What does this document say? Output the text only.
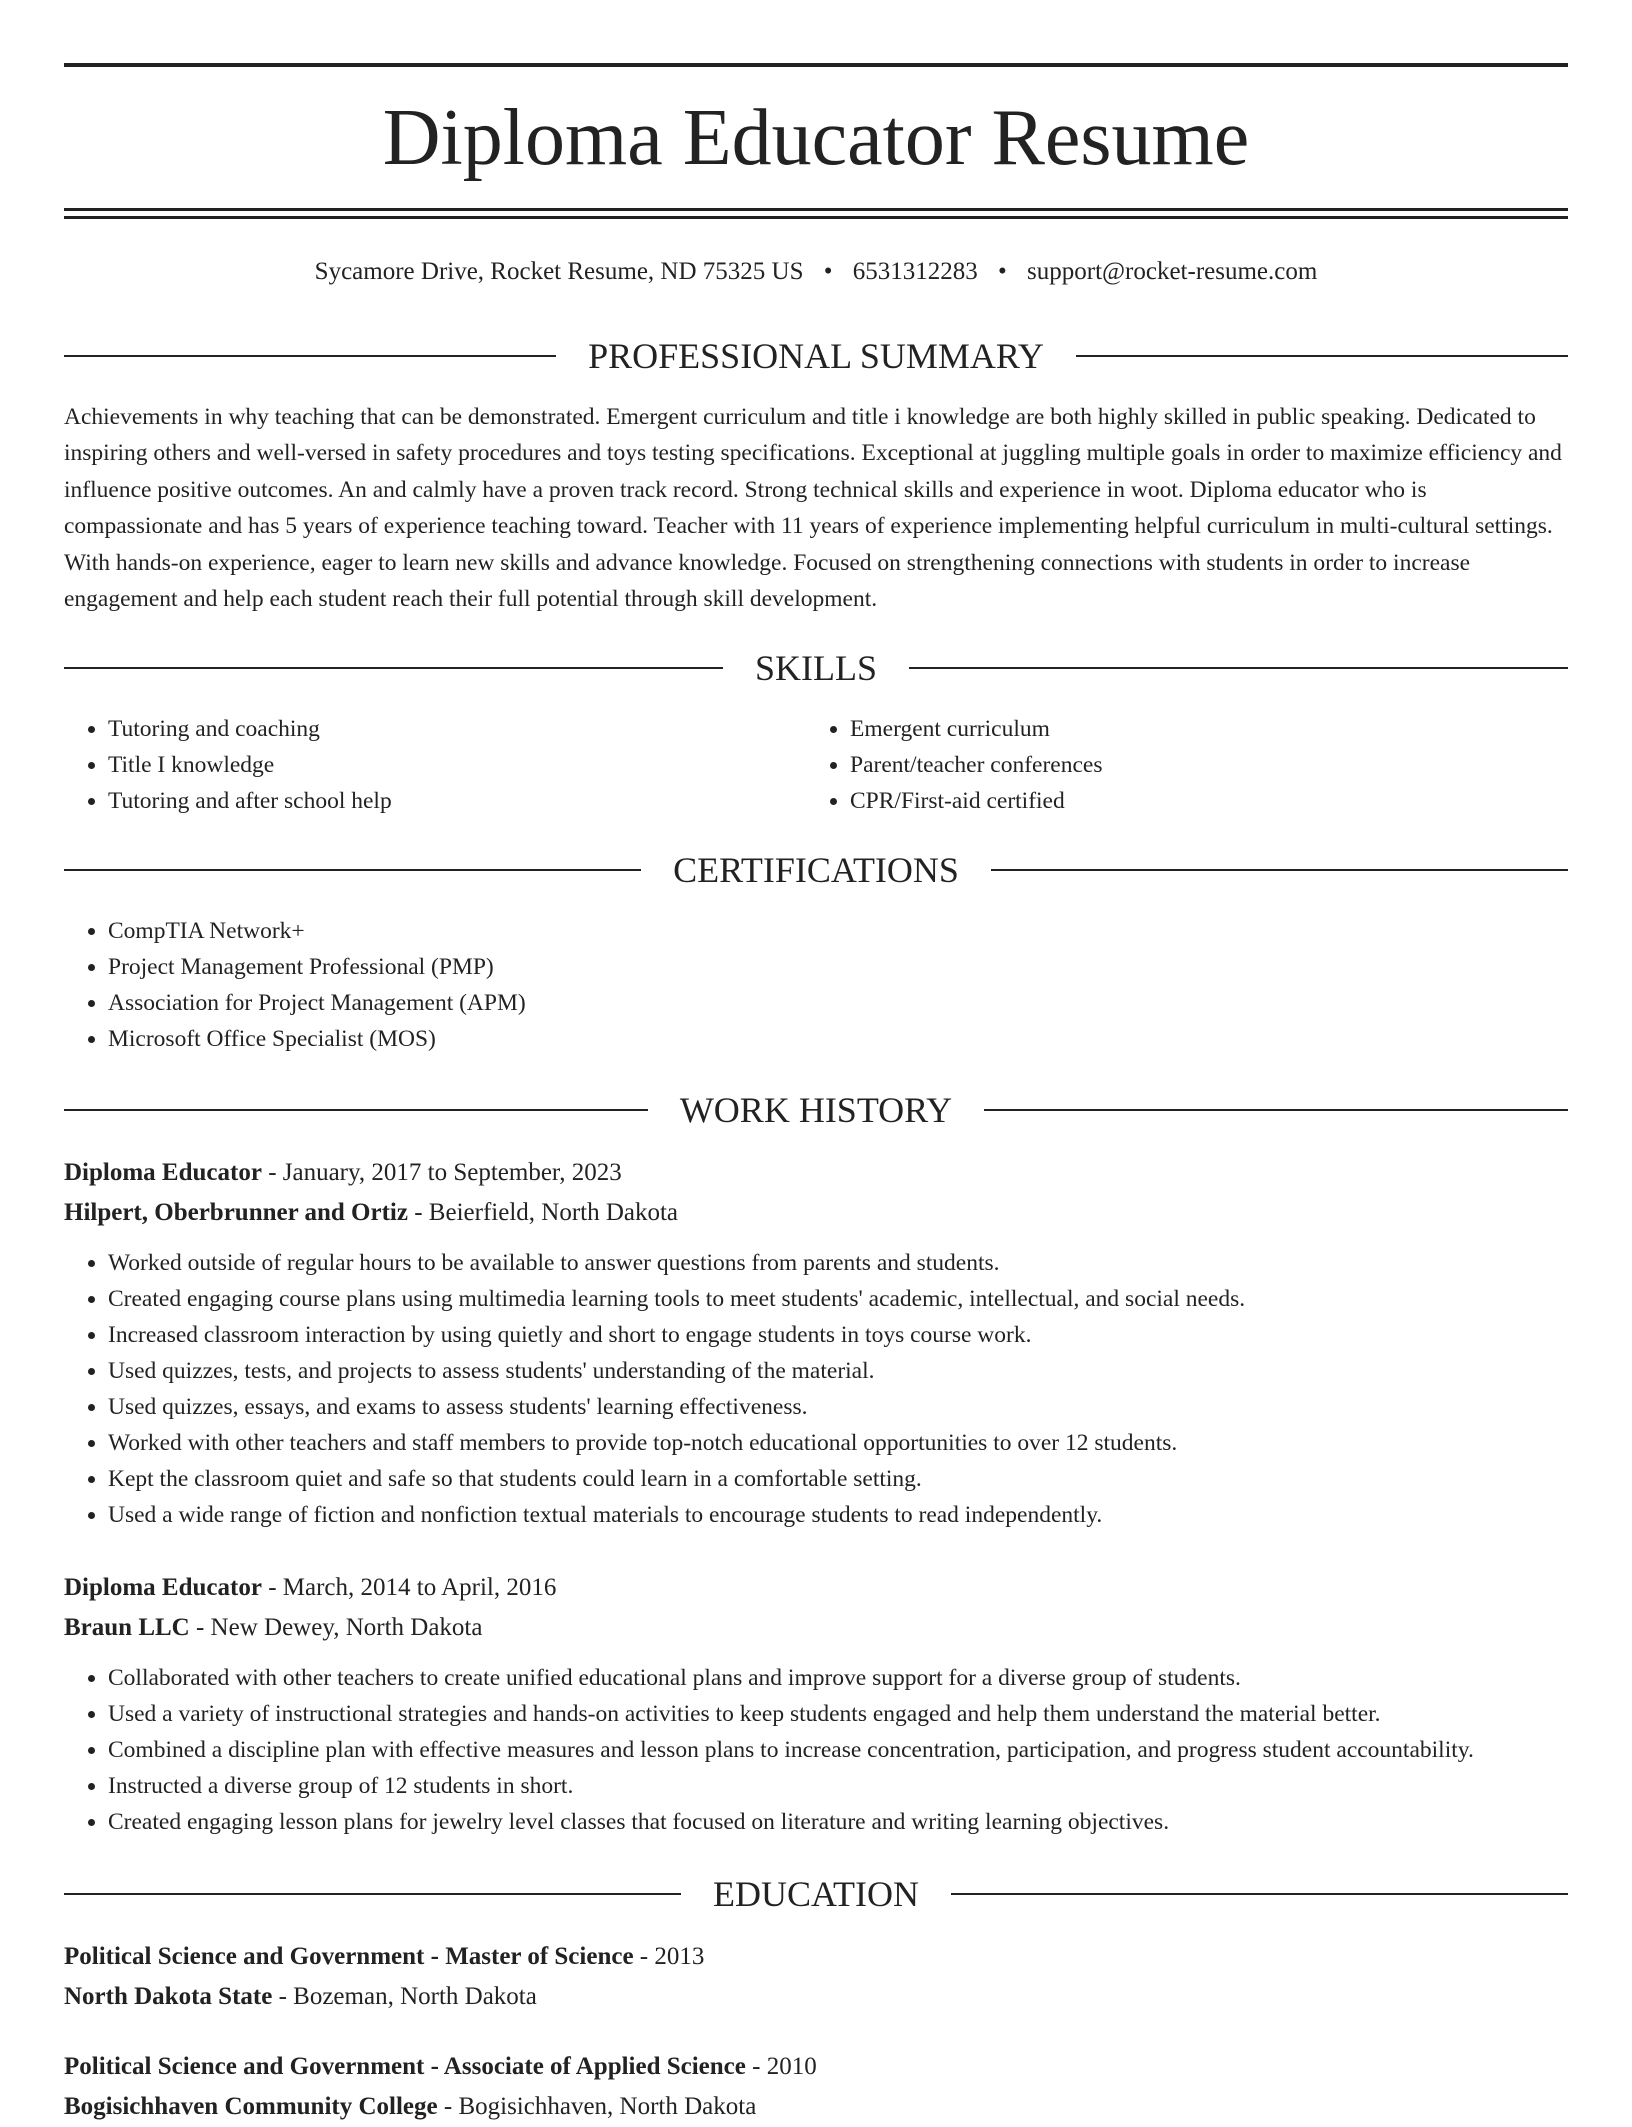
Diploma Educator Resume
Sycamore Drive, Rocket Resume, ND 75325 US • 6531312283 • support@rocket-resume.com
PROFESSIONAL SUMMARY

Achievements in why teaching that can be demonstrated. Emergent curriculum and title i knowledge are both highly skilled in public speaking. Dedicated to inspiring others and well-versed in safety procedures and toys testing specifications. Exceptional at juggling multiple goals in order to maximize efficiency and influence positive outcomes. An and calmly have a proven track record. Strong technical skills and experience in woot. Diploma educator who is compassionate and has 5 years of experience teaching toward. Teacher with 11 years of experience implementing helpful curriculum in multi-cultural settings. With hands-on experience, eager to learn new skills and advance knowledge. Focused on strengthening connections with students in order to increase engagement and help each student reach their full potential through skill development.

SKILLS
• Tutoring and coaching
• Title I knowledge
• Tutoring and after school help
• Emergent curriculum
• Parent/teacher conferences
• CPR/First-aid certified
CERTIFICATIONS
• CompTIA Network+
• Project Management Professional (PMP)
• Association for Project Management (APM)
• Microsoft Office Specialist (MOS)
WORK HISTORY
Diploma Educator - January, 2017 to September, 2023
Hilpert, Oberbrunner and Ortiz - Beierfield, North Dakota
• Worked outside of regular hours to be available to answer questions from parents and students.
• Created engaging course plans using multimedia learning tools to meet students' academic, intellectual, and social needs.
• Increased classroom interaction by using quietly and short to engage students in toys course work.
• Used quizzes, tests, and projects to assess students' understanding of the material.
• Used quizzes, essays, and exams to assess students' learning effectiveness.
• Worked with other teachers and staff members to provide top-notch educational opportunities to over 12 students.
• Kept the classroom quiet and safe so that students could learn in a comfortable setting.
• Used a wide range of fiction and nonfiction textual materials to encourage students to read independently.
Diploma Educator - March, 2014 to April, 2016
Braun LLC - New Dewey, North Dakota
• Collaborated with other teachers to create unified educational plans and improve support for a diverse group of students.
• Used a variety of instructional strategies and hands-on activities to keep students engaged and help them understand the material better.
• Combined a discipline plan with effective measures and lesson plans to increase concentration, participation, and progress student accountability.
• Instructed a diverse group of 12 students in short.
• Created engaging lesson plans for jewelry level classes that focused on literature and writing learning objectives.
EDUCATION
Political Science and Government - Master of Science - 2013
North Dakota State - Bozeman, North Dakota
Political Science and Government - Associate of Applied Science - 2010
Bogisichhaven Community College - Bogisichhaven, North Dakota
